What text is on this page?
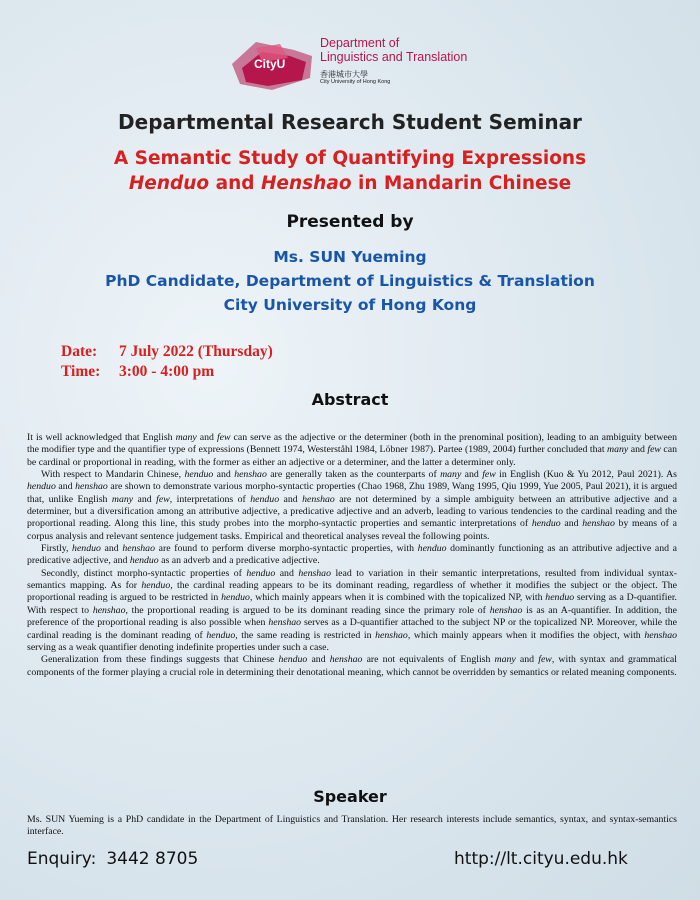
CityU
Department of
Linguistics and Translation
香港城市大學
City University of Hong Kong
Departmental Research Student Seminar
A Semantic Study of Quantifying Expressions
Henduo and Henshao in Mandarin Chinese
Presented by
Ms. SUN Yueming
PhD Candidate, Department of Linguistics & Translation
City University of Hong Kong
Date: 7 July 2022 (Thursday)
Time: 3:00 - 4:00 pm
Abstract

It is well acknowledged that English many and few can serve as the adjective or the determiner (both in the prenominal position), leading to an ambiguity between the modifier type and the quantifier type of expressions (Bennett 1974, Westerståhl 1984, Löbner 1987). Partee (1989, 2004) further concluded that many and few can be cardinal or proportional in reading, with the former as either an adjective or a determiner, and the latter a determiner only.

With respect to Mandarin Chinese, henduo and henshao are generally taken as the counterparts of many and few in English (Kuo & Yu 2012, Paul 2021). As henduo and henshao are shown to demonstrate various morpho-syntactic properties (Chao 1968, Zhu 1989, Wang 1995, Qiu 1999, Yue 2005, Paul 2021), it is argued that, unlike English many and few, interpretations of henduo and henshao are not determined by a simple ambiguity between an attributive adjective and a determiner, but a diversification among an attributive adjective, a predicative adjective and an adverb, leading to various tendencies to the cardinal reading and the proportional reading. Along this line, this study probes into the morpho-syntactic properties and semantic interpretations of henduo and henshao by means of a corpus analysis and relevant sentence judgement tasks. Empirical and theoretical analyses reveal the following points.

Firstly, henduo and henshao are found to perform diverse morpho-syntactic properties, with henduo dominantly functioning as an attributive adjective and a predicative adjective, and henduo as an adverb and a predicative adjective.

Secondly, distinct morpho-syntactic properties of henduo and henshao lead to variation in their semantic interpretations, resulted from individual syntax-semantics mapping. As for henduo, the cardinal reading appears to be its dominant reading, regardless of whether it modifies the subject or the object. The proportional reading is argued to be restricted in henduo, which mainly appears when it is combined with the topicalized NP, with henduo serving as a D-quantifier. With respect to henshao, the proportional reading is argued to be its dominant reading since the primary role of henshao is as an A-quantifier. In addition, the preference of the proportional reading is also possible when henshao serves as a D-quantifier attached to the subject NP or the topicalized NP. Moreover, while the cardinal reading is the dominant reading of henduo, the same reading is restricted in henshao, which mainly appears when it modifies the object, with henshao serving as a weak quantifier denoting indefinite properties under such a case.

Generalization from these findings suggests that Chinese henduo and henshao are not equivalents of English many and few, with syntax and grammatical components of the former playing a crucial role in determining their denotational meaning, which cannot be overridden by semantics or related meaning components.

Speaker
Ms. SUN Yueming is a PhD candidate in the Department of Linguistics and Translation. Her research interests include semantics, syntax, and syntax-semantics interface.
Enquiry: 3442 8705	http://lt.cityu.edu.hk
